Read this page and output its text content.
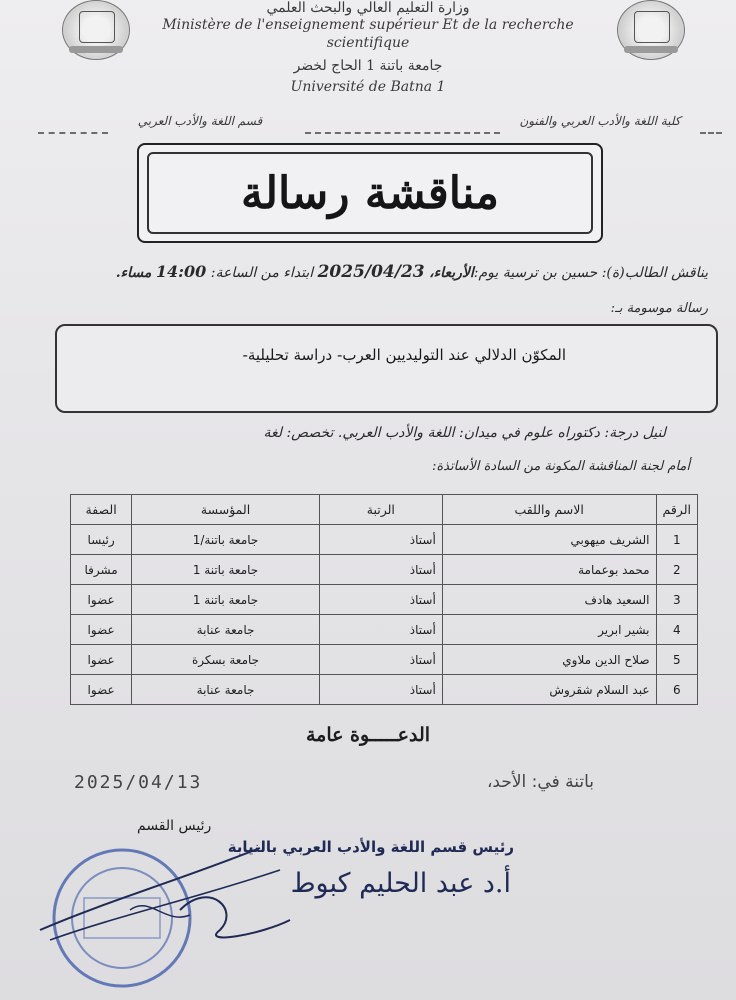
وزارة التعليم العالي والبحث العلمي
Ministère de l'enseignement supérieur Et de la recherche
scientifique
جامعة باتنة 1 الحاج لخضر
Université de Batna 1
كلية اللغة والأدب العربي والفنون
قسم اللغة والأدب العربي
مناقشة رسالة
يناقش الطالب(ة): حسين بن ترسية يوم:الأربعاء، 2025/04/23 ابتداء من الساعة: 14:00 مساء.
رسالة موسومة بـ:
المكوّن الدلالي عند التوليديين العرب- دراسة تحليلية-
لنيل درجة: دكتوراه علوم في ميدان: اللغة والأدب العربي. تخصص: لغة
أمام لجنة المناقشة المكونة من السادة الأساتذة:
الرقم	الاسم واللقب	الرتبة	المؤسسة	الصفة
1	الشريف ميهوبي	أستاذ	جامعة باتنة/1	رئيسا
2	محمد بوعمامة	أستاذ	جامعة باتنة 1	مشرفا
3	السعيد هادف	أستاذ	جامعة باتنة 1	عضوا
4	بشير ابرير	أستاذ	جامعة عنابة	عضوا
5	صلاح الدين ملاوي	أستاذ	جامعة بسكرة	عضوا
6	عبد السلام شقروش	أستاذ	جامعة عنابة	عضوا
الدعـــــوة عامة
2025/04/13	باتنة في: الأحد،
رئيس القسم
رئيس قسم اللغة والأدب العربي بالنيابة
أ.د عبد الحليم كبوط
